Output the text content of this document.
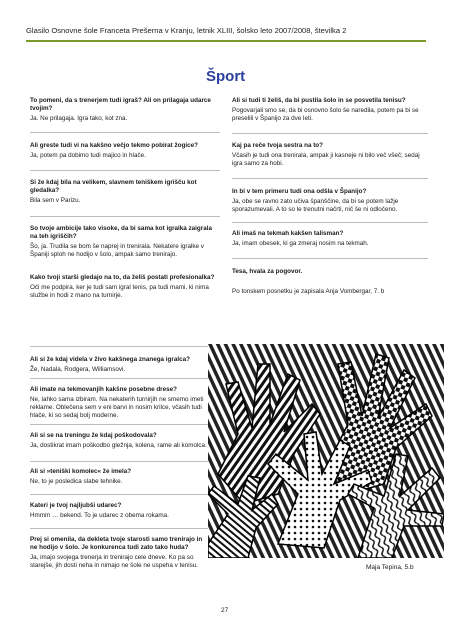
Glasilo Osnovne šole Franceta Prešerna v Kranju, letnik XLIII, šolsko leto 2007/2008, številka 2
Šport
To pomeni, da s trenerjem tudi igraš? Ali on prilagaja udarce tvojim?
Ja. Ne prilagaja. Igra tako, kot zna.
Ali greste tudi vi na kakšno večjo tekmo pobirat žogice?
Ja, potem pa dobimo tudi majico in hlače.
Si že kdaj bila na velikem, slavnem teniškem igrišču kot gledalka?
Bila sem v Parizu.
So tvoje ambicije tako visoke, da bi sama kot igralka zaigrala na teh igriščih?
Šo, ja. Trudila se bom še naprej in trenirala. Nekatere igralke v Španiji sploh ne hodijo v šolo, ampak samo trenirajo.
Kako tvoji starši gledajo na to, da želiš postati profesionalka?
Oči me podpira, ker je tudi sam igral tenis, pa tudi mami, ki nima službe in hodi z mano na turnirje.
Ali si tudi ti želiš, da bi pustila šolo in se posvetila tenisu?
Pogovarjali smo se, da bi osnovno šolo še naredila, potem pa bi se preselili v Španijo za dve leti.
Kaj pa reče tvoja sestra na to?
Včasih je tudi ona trenirala, ampak ji kasneje ni bilo več všeč; sedaj igra samo za hobi.
In bi v tem primeru tudi ona odšla v Španijo?
Ja, obe se ravno zato učiva španščine, da bi se potem lažje sporazumevali. A to so le trenutni načrti, nič še ni odločeno.
Ali imaš na tekmah kakšen talisman?
Ja, imam obesek, ki ga zmeraj nosim na tekmah.
Tesa, hvala za pogovor.
Po tonskem posnetku je zapisala Anja Vombergar, 7. b
Ali si že kdaj videla v živo kakšnega znanega igralca?
Že, Nadala, Rodgera, Williamsovi.
Ali imate na tekmovanjih kakšne posebne drese?
Ne, lahko sama izbiram. Na nekaterih turnirjih ne smemo imeti reklame. Oblečena sem v eni barvi in nosim krilce, včasih tudi hlače, ki so sedaj bolj moderne.
Ali si se na treningu že kdaj poškodovala?
Ja, dostikrat imam poškodbo gležnja, kolena, rame ali komolca.
Ali si »teniški komolec« že imela?
Ne, to je posledica slabe tehnike.
Kateri je tvoj najljubši udarec?
Hmmm … bekend. To je udarec z obema rokama.
Prej si omenila, da dekleta tvoje starosti samo trenirajo in ne hodijo v šolo. Je konkurenca tudi zato tako huda?
Ja, imajo svojega trenerja in trenirajo cele dneve. Ko pa so starejše, jih dosti neha in nimajo ne šole ne uspeha v tenisu.	Maja Tepina, 5.b
27
